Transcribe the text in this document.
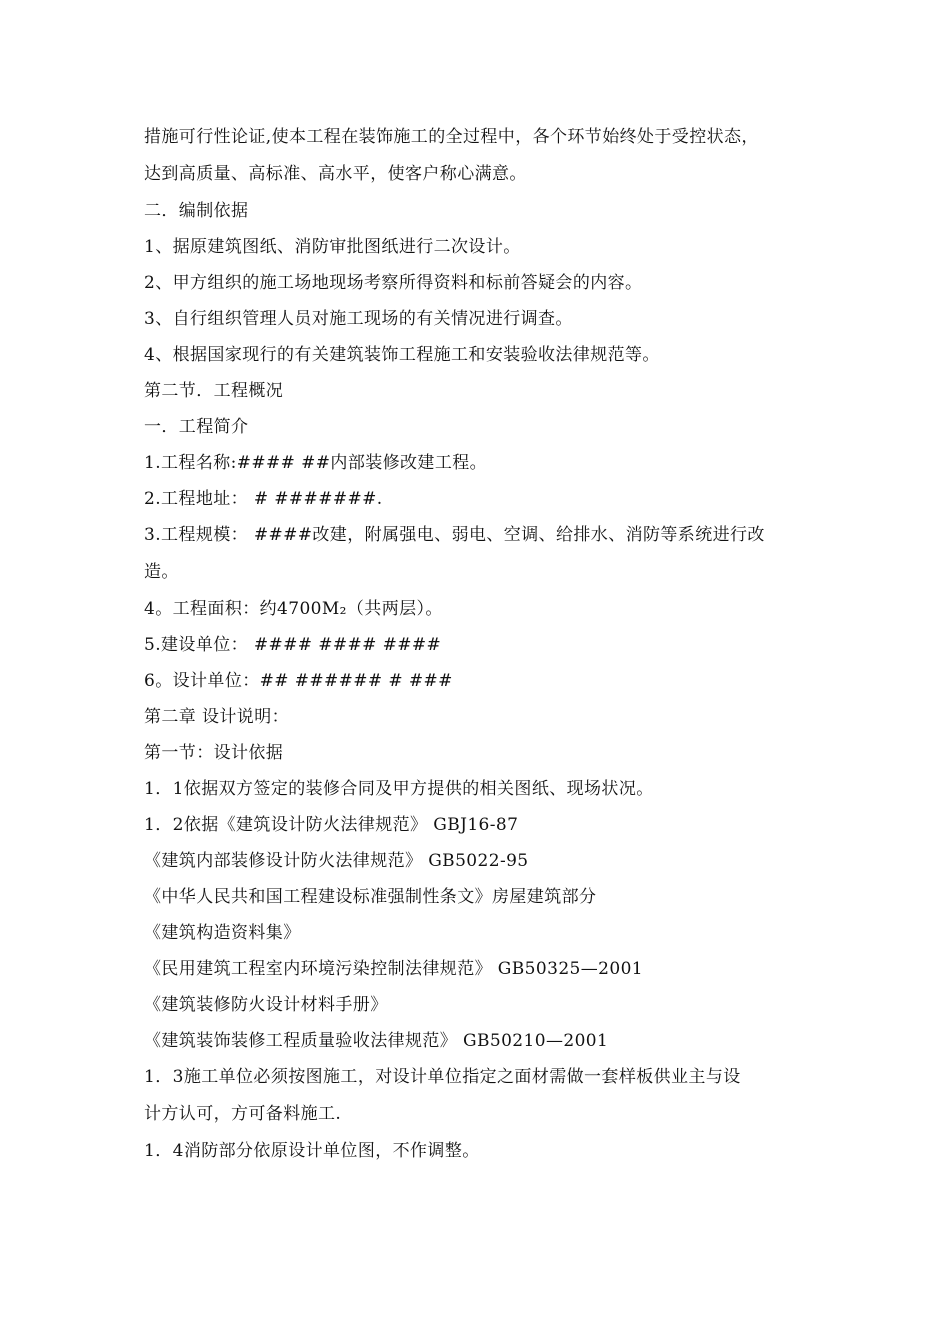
措施可行性论证,使本工程在装饰施工的全过程中，各个环节始终处于受控状态，
达到高质量、高标准、高水平，使客户称心满意。
二．编制依据
1、据原建筑图纸、消防审批图纸进行二次设计。
2、甲方组织的施工场地现场考察所得资料和标前答疑会的内容。
3、自行组织管理人员对施工现场的有关情况进行调查。
4、根据国家现行的有关建筑装饰工程施工和安装验收法律规范等。
第二节．工程概况
一．工程简介
1.工程名称:#### ##内部装修改建工程。
2.工程地址： # #######.
3.工程规模： ####改建，附属强电、弱电、空调、给排水、消防等系统进行改
造。
4。工程面积：约4700M₂（共两层）。
5.建设单位： #### #### ####
6。设计单位：## ###### # ###
第二章 设计说明：
第一节：设计依据
1．1依据双方签定的装修合同及甲方提供的相关图纸、现场状况。
1．2依据《建筑设计防火法律规范》 GBJ16-87
《建筑内部装修设计防火法律规范》 GB5022-95
《中华人民共和国工程建设标准强制性条文》房屋建筑部分
《建筑构造资料集》
《民用建筑工程室内环境污染控制法律规范》 GB50325—2001
《建筑装修防火设计材料手册》
《建筑装饰装修工程质量验收法律规范》 GB50210—2001
1．3施工单位必须按图施工，对设计单位指定之面材需做一套样板供业主与设
计方认可，方可备料施工.
1．4消防部分依原设计单位图，不作调整。
